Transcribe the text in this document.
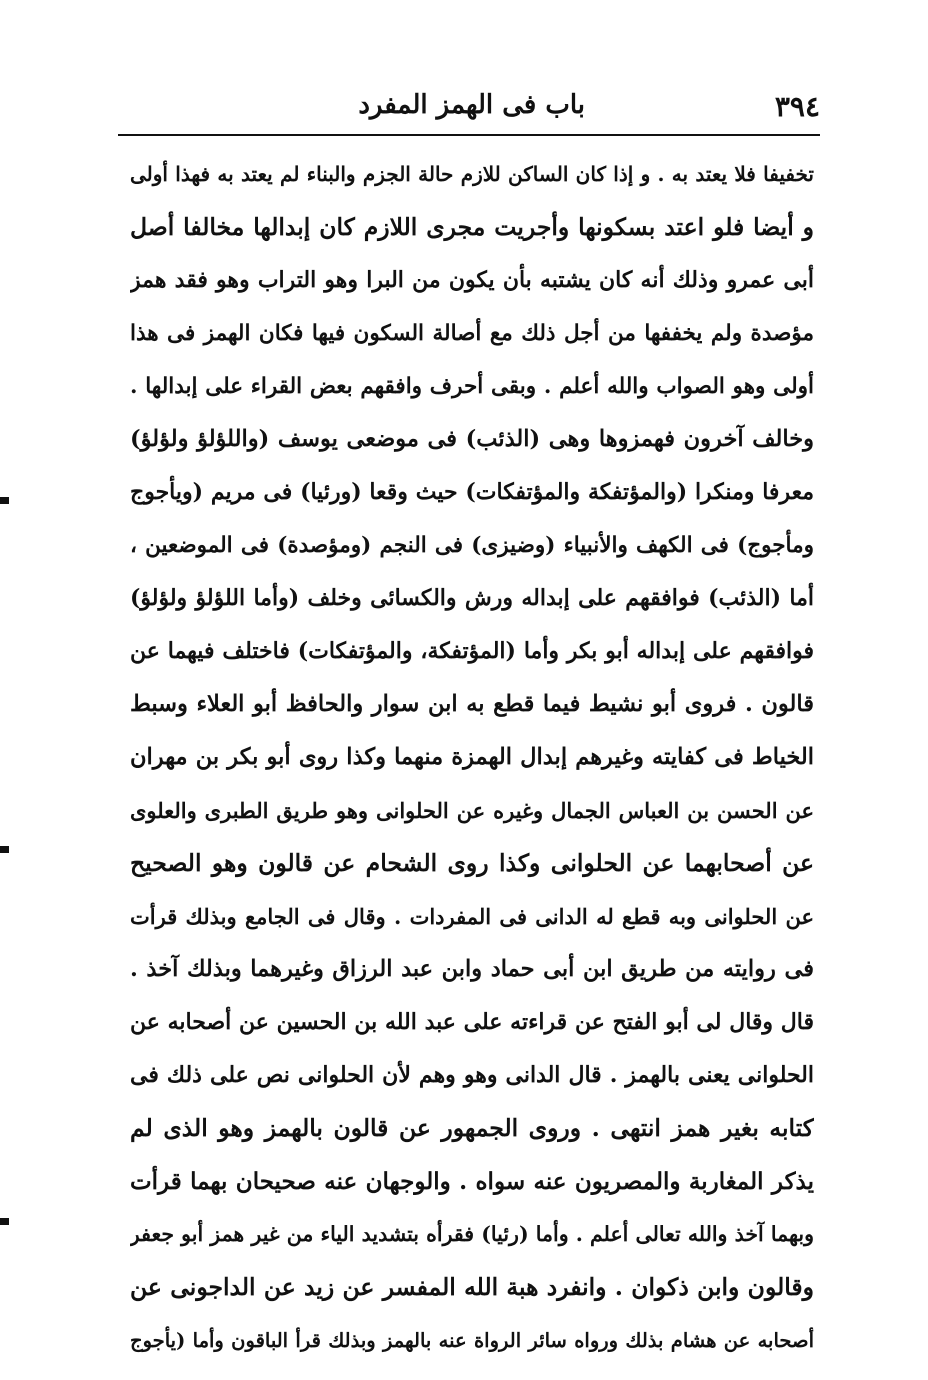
٣٩٤
باب فى الهمز المفرد
تخفيفا فلا يعتد به . و إذا كان الساكن للازم حالة الجزم والبناء لم يعتد به فهذا أولى
و أيضا فلو اعتد بسكونها وأجريت مجرى اللازم كان إبدالها مخالفا أصل
أبى عمرو وذلك أنه كان يشتبه بأن يكون من البرا وهو التراب وهو فقد همز
مؤصدة ولم يخففها من أجل ذلك مع أصالة السكون فيها فكان الهمز فى هذا
أولى وهو الصواب والله أعلم . وبقى أحرف وافقهم بعض القراء على إبدالها .
وخالف آخرون فهمزوها وهى (الذئب) فى موضعى يوسف (واللؤلؤ ولؤلؤ)
معرفا ومنكرا (والمؤتفكة والمؤتفكات) حيث وقعا (ورئيا) فى مريم (ويأجوج
ومأجوج) فى الكهف والأنبياء (وضيزى) فى النجم (ومؤصدة) فى الموضعين ،
أما (الذئب) فوافقهم على إبداله ورش والكسائى وخلف (وأما اللؤلؤ ولؤلؤ)
فوافقهم على إبداله أبو بكر وأما (المؤتفكة، والمؤتفكات) فاختلف فيهما عن
قالون . فروى أبو نشيط فيما قطع به ابن سوار والحافظ أبو العلاء وسبط
الخياط فى كفايته وغيرهم إبدال الهمزة منهما وكذا روى أبو بكر بن مهران
عن الحسن بن العباس الجمال وغيره عن الحلوانى وهو طريق الطبرى والعلوى
عن أصحابهما عن الحلوانى وكذا روى الشحام عن قالون وهو الصحيح
عن الحلوانى وبه قطع له الدانى فى المفردات . وقال فى الجامع وبذلك قرأت
فى روايته من طريق ابن أبى حماد وابن عبد الرزاق وغيرهما وبذلك آخذ .
قال وقال لى أبو الفتح عن قراءته على عبد الله بن الحسين عن أصحابه عن
الحلوانى يعنى بالهمز . قال الدانى وهو وهم لأن الحلوانى نص على ذلك فى
كتابه بغير همز انتهى . وروى الجمهور عن قالون بالهمز وهو الذى لم
يذكر المغاربة والمصريون عنه سواه . والوجهان عنه صحيحان بهما قرأت
وبهما آخذ والله تعالى أعلم . وأما (رئيا) فقرأه بتشديد الياء من غير همز أبو جعفر
وقالون وابن ذكوان . وانفرد هبة الله المفسر عن زيد عن الداجونى عن
أصحابه عن هشام بذلك ورواه سائر الرواة عنه بالهمز وبذلك قرأ الباقون وأما (يأجوج
